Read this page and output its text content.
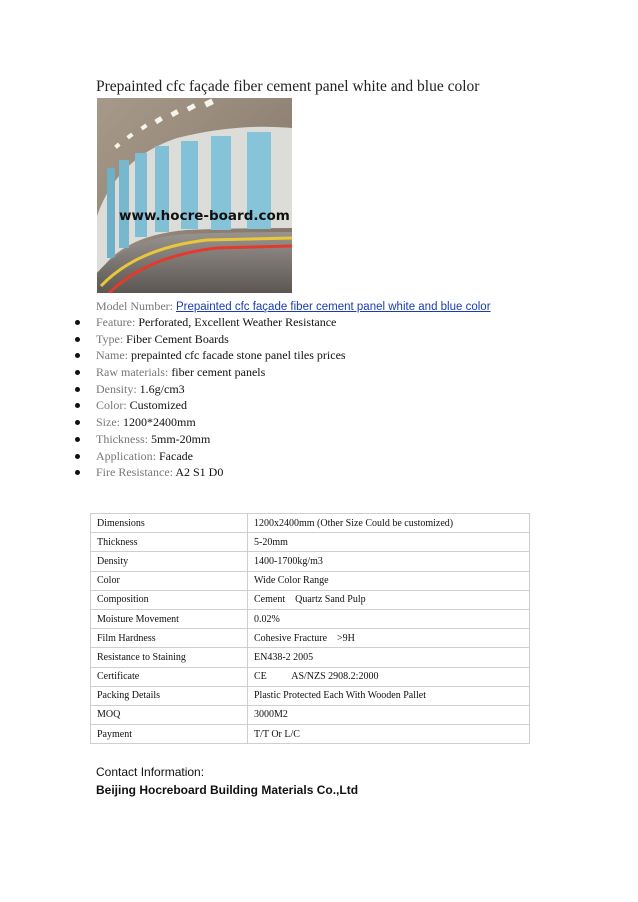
Prepainted cfc façade fiber cement panel white and blue color
www.hocre-board.com
Model Number: Prepainted cfc façade fiber cement panel white and blue color
Feature: Perforated, Excellent Weather Resistance
Type: Fiber Cement Boards
Name: prepainted cfc facade stone panel tiles prices
Raw materials: fiber cement panels
Density: 1.6g/cm3
Color: Customized
Size: 1200*2400mm
Thickness: 5mm-20mm
Application: Facade
Fire Resistance: A2 S1 D0
Dimensions	1200x2400mm (Other Size Could be customized)
Thickness	5-20mm
Density	1400-1700kg/m3
Color	Wide Color Range
Composition	Cement    Quartz Sand Pulp
Moisture Movement	0.02%
Film Hardness	Cohesive Fracture    >9H
Resistance to Staining	EN438-2 2005
Certificate	CE          AS/NZS 2908.2:2000
Packing Details	Plastic Protected Each With Wooden Pallet
MOQ	3000M2
Payment	T/T Or L/C
Contact Information:
Beijing Hocreboard Building Materials Co.,Ltd
